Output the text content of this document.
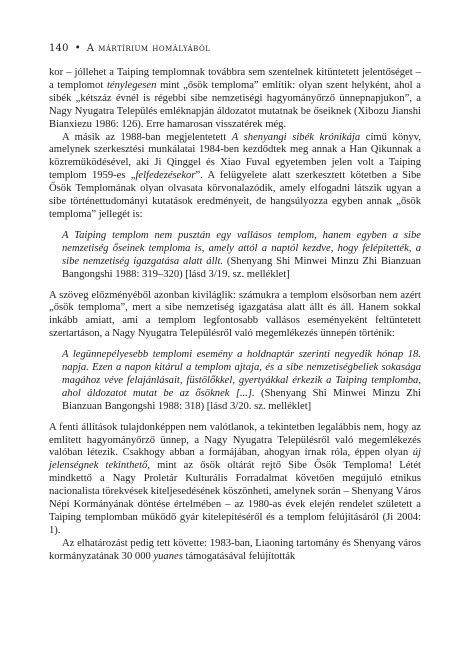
140 • A mártírium homályából

kor – jóllehet a Taiping templomnak továbbra sem szentelnek kitüntetett jelentőséget – a templomot ténylegesen mint „ősök temploma” említik: olyan szent helyként, ahol a sibék „kétszáz évnél is régebbi sibe nemzetiségi hagyományőrző ünnepnapjukon”, a Nagy Nyugatra Település emléknapján áldozatot mutatnak be őseiknek (Xibozu Jianshi Bianxiezu 1986: 126). Erre hamarosan visszatérek még.

A másik az 1988-ban megjelentetett A shenyangi sibék krónikája című könyv, amelynek szerkesztési munkálatai 1984-ben kezdődtek meg annak a Han Qikunnak a közreműködésével, aki Ji Qinggel és Xiao Fuval egyetemben jelen volt a Taiping templom 1959-es „felfedezésekor”. A felügyelete alatt szerkesztett kötetben a Sibe Ősök Templomának olyan olvasata körvonalazódik, amely elfogadni látszik ugyan a sibe történettudományi kutatások eredményeit, de hangsúlyozza egyben annak „ősök temploma” jellegét is:

A Taiping templom nem pusztán egy vallásos templom, hanem egyben a sibe nemzetiség őseinek temploma is, amely attól a naptól kezdve, hogy felépítették, a sibe nemzetiség igazgatása alatt állt. (Shenyang Shi Minwei Minzu Zhi Bianzuan Bangongshi 1988: 319–320) [lásd 3/19. sz. melléklet]

A szöveg előzményéből azonban kiviláglik: számukra a templom elsősorban nem azért „ősök temploma”, mert a sibe nemzetiség igazgatása alatt állt és áll. Hanem sokkal inkább amiatt, ami a templom legfontosabb vallásos eseményeként feltüntetett szertartáson, a Nagy Nyugatra Településről való megemlékezés ünnepén történik:

A legünnepélyesebb templomi esemény a holdnaptár szerinti negyedik hónap 18. napja. Ezen a napon kitárul a templom ajtaja, és a sibe nemzetiségbeliek sokasága magához véve felajánlásait, füstölőkkel, gyertyákkal érkezik a Taiping templomba, ahol áldozatot mutat be az ősöknek [...]. (Shenyang Shi Minwei Minzu Zhi Bianzuan Bangongshi 1988: 318) [lásd 3/20. sz. melléklet]

A fenti állítások tulajdonképpen nem valótlanok, a tekintetben legalábbis nem, hogy az említett hagyományőrző ünnep, a Nagy Nyugatra Településről való megemlékezés valóban létezik. Csakhogy abban a formájában, ahogyan írnak róla, éppen olyan új jelenségnek tekinthető, mint az ősök oltárát rejtő Sibe Ősök Temploma! Létét mindkettő a Nagy Proletár Kulturális Forradalmat követően megújuló etnikus nacionalista törekvések kiteljesedésének köszönheti, amelynek során – Shenyang Város Népi Kormányának döntése értelmében – az 1980-as évek elején rendelet született a Taiping templomban működő gyár kitelepítéséről és a templom felújításáról (Ji 2004: 1).

Az elhatározást pedig tett követte: 1983-ban, Liaoning tartomány és Shenyang város kormányzatának 30 000 yuanes támogatásával felújították
